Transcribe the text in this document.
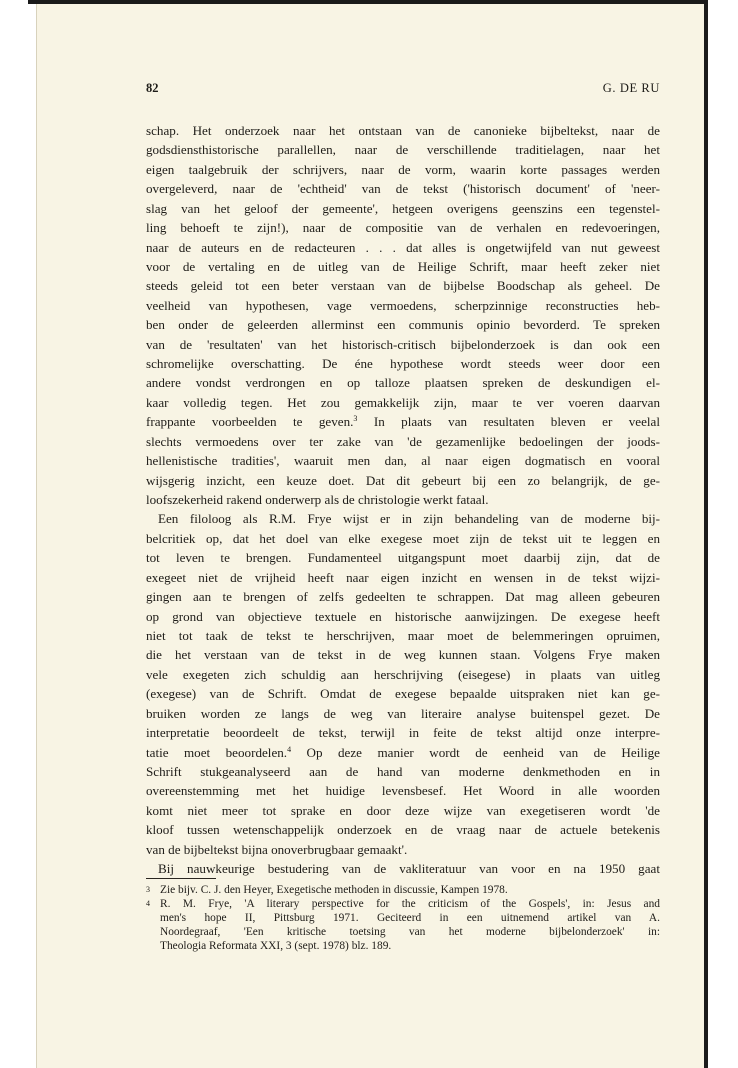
82	G. DE RU
schap. Het onderzoek naar het ontstaan van de canonieke bijbeltekst, naar de
godsdiensthistorische parallellen, naar de verschillende traditielagen, naar het
eigen taalgebruik der schrijvers, naar de vorm, waarin korte passages werden
overgeleverd, naar de 'echtheid' van de tekst ('historisch document' of 'neer-
slag van het geloof der gemeente', hetgeen overigens geenszins een tegenstel-
ling behoeft te zijn!), naar de compositie van de verhalen en redevoeringen,
naar de auteurs en de redacteuren . . . dat alles is ongetwijfeld van nut geweest
voor de vertaling en de uitleg van de Heilige Schrift, maar heeft zeker niet
steeds geleid tot een beter verstaan van de bijbelse Boodschap als geheel. De
veelheid van hypothesen, vage vermoedens, scherpzinnige reconstructies heb-
ben onder de geleerden allerminst een communis opinio bevorderd. Te spreken
van de 'resultaten' van het historisch-critisch bijbelonderzoek is dan ook een
schromelijke overschatting. De éne hypothese wordt steeds weer door een
andere vondst verdrongen en op talloze plaatsen spreken de deskundigen el-
kaar volledig tegen. Het zou gemakkelijk zijn, maar te ver voeren daarvan
frappante voorbeelden te geven.$^3$ In plaats van resultaten bleven er veelal
slechts vermoedens over ter zake van 'de gezamenlijke bedoelingen der joods-
hellenistische tradities', waaruit men dan, al naar eigen dogmatisch en vooral
wijsgerig inzicht, een keuze doet. Dat dit gebeurt bij een zo belangrijk, de ge-
loofszekerheid rakend onderwerp als de christologie werkt fataal.
Een filoloog als R.M. Frye wijst er in zijn behandeling van de moderne bij-
belcritiek op, dat het doel van elke exegese moet zijn de tekst uit te leggen en
tot leven te brengen. Fundamenteel uitgangspunt moet daarbij zijn, dat de
exegeet niet de vrijheid heeft naar eigen inzicht en wensen in de tekst wijzi-
gingen aan te brengen of zelfs gedeelten te schrappen. Dat mag alleen gebeuren
op grond van objectieve textuele en historische aanwijzingen. De exegese heeft
niet tot taak de tekst te herschrijven, maar moet de belemmeringen opruimen,
die het verstaan van de tekst in de weg kunnen staan. Volgens Frye maken
vele exegeten zich schuldig aan herschrijving (eisegese) in plaats van uitleg
(exegese) van de Schrift. Omdat de exegese bepaalde uitspraken niet kan ge-
bruiken worden ze langs de weg van literaire analyse buitenspel gezet. De
interpretatie beoordeelt de tekst, terwijl in feite de tekst altijd onze interpre-
tatie moet beoordelen.$^4$ Op deze manier wordt de eenheid van de Heilige
Schrift stukgeanalyseerd aan de hand van moderne denkmethoden en in
overeenstemming met het huidige levensbesef. Het Woord in alle woorden
komt niet meer tot sprake en door deze wijze van exegetiseren wordt 'de
kloof tussen wetenschappelijk onderzoek en de vraag naar de actuele betekenis
van de bijbeltekst bijna onoverbrugbaar gemaakt'.
Bij nauwkeurige bestudering van de vakliteratuur van voor en na 1950 gaat
3 Zie bijv. C. J. den Heyer, Exegetische methoden in discussie, Kampen 1978.
4 R. M. Frye, 'A literary perspective for the criticism of the Gospels', in: Jesus and
men's hope II, Pittsburg 1971. Geciteerd in een uitnemend artikel van A.
Noordegraaf, 'Een kritische toetsing van het moderne bijbelonderzoek' in:
Theologia Reformata XXI, 3 (sept. 1978) blz. 189.
